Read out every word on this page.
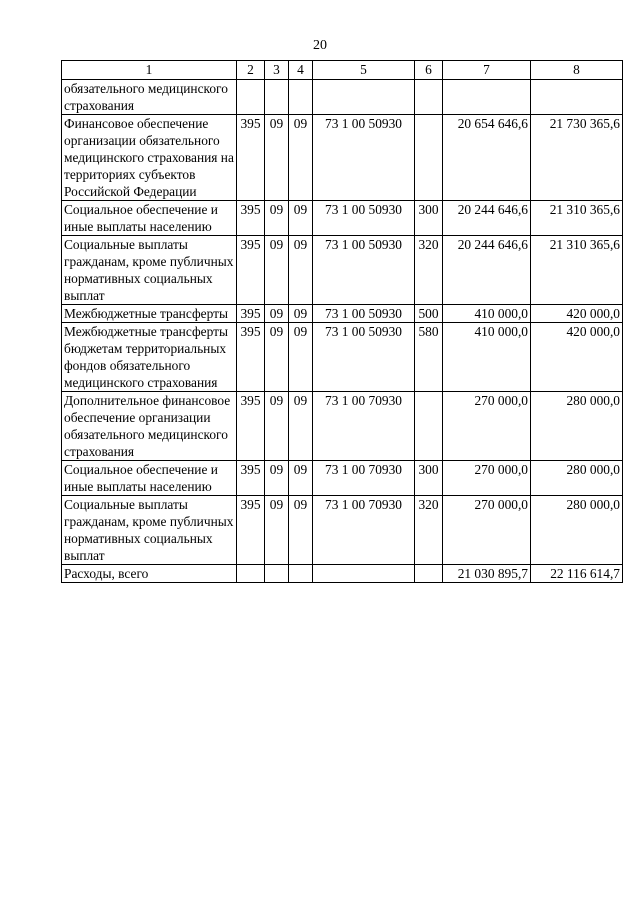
20
1	2	3	4	5	6	7	8
обязательного медицинского страхования							
Финансовое обеспечение организации обязательного медицинского страхования на территориях субъектов Российской Федерации	395	09	09	73 1 00 50930		20 654 646,6	21 730 365,6
Социальное обеспечение и иные выплаты населению	395	09	09	73 1 00 50930	300	20 244 646,6	21 310 365,6
Социальные выплаты гражданам, кроме публичных нормативных социальных выплат	395	09	09	73 1 00 50930	320	20 244 646,6	21 310 365,6
Межбюджетные трансферты	395	09	09	73 1 00 50930	500	410 000,0	420 000,0
Межбюджетные трансферты бюджетам территориальных фондов обязательного медицинского страхования	395	09	09	73 1 00 50930	580	410 000,0	420 000,0
Дополнительное финансовое обеспечение организации обязательного медицинского страхования	395	09	09	73 1 00 70930		270 000,0	280 000,0
Социальное обеспечение и иные выплаты населению	395	09	09	73 1 00 70930	300	270 000,0	280 000,0
Социальные выплаты гражданам, кроме публичных нормативных социальных выплат	395	09	09	73 1 00 70930	320	270 000,0	280 000,0
Расходы, всего						21 030 895,7	22 116 614,7
